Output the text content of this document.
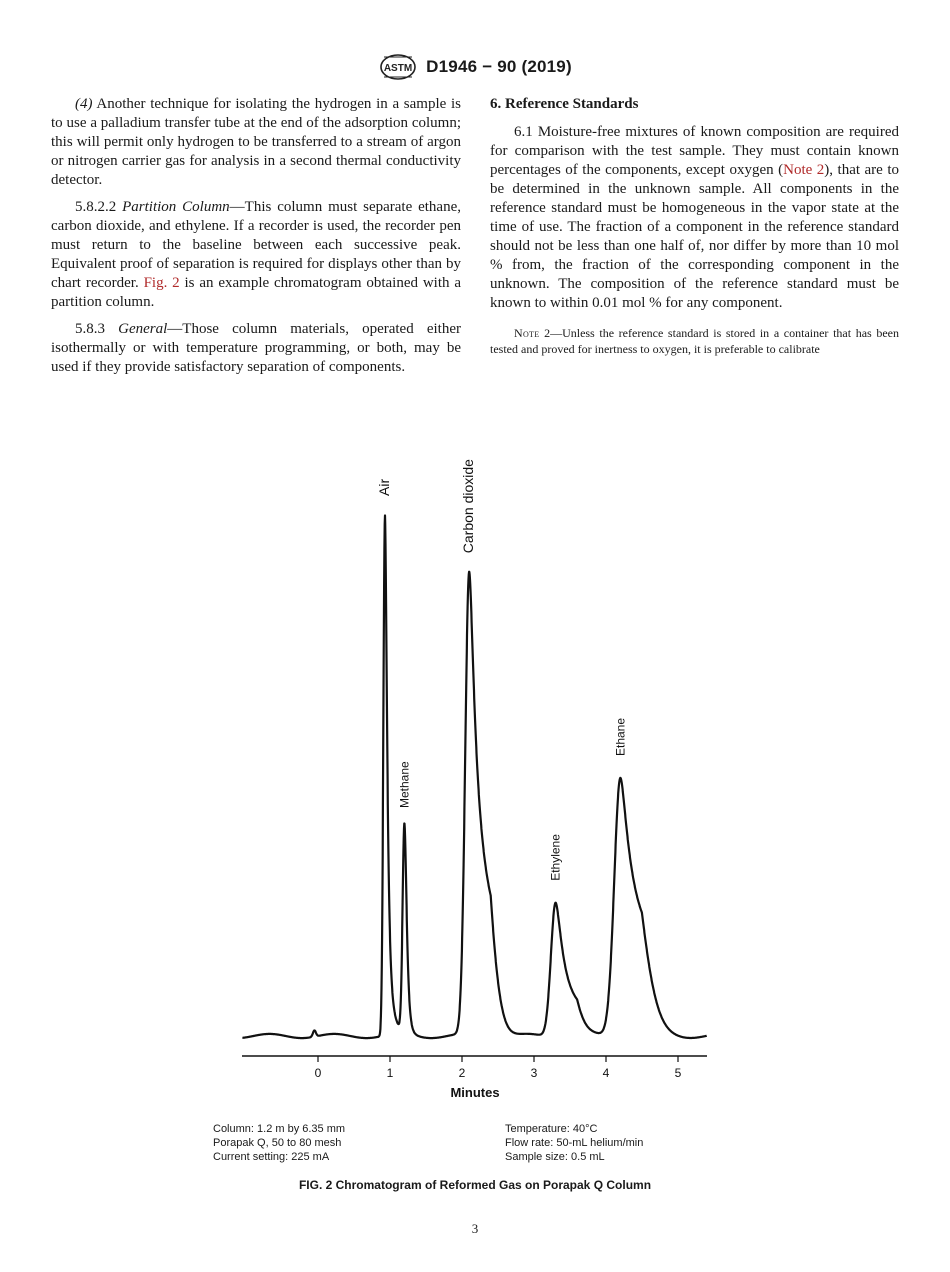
ASTM D1946 − 90 (2019)

(4) Another technique for isolating the hydrogen in a sample is to use a palladium transfer tube at the end of the adsorption column; this will permit only hydrogen to be transferred to a stream of argon or nitrogen carrier gas for analysis in a second thermal conductivity detector.

5.8.2.2 Partition Column—This column must separate ethane, carbon dioxide, and ethylene. If a recorder is used, the recorder pen must return to the baseline between each successive peak. Equivalent proof of separation is required for displays other than by chart recorder. Fig. 2 is an example chromatogram obtained with a partition column.

5.8.3 General—Those column materials, operated either isothermally or with temperature programming, or both, may be used if they provide satisfactory separation of components.

6. Reference Standards

6.1 Moisture-free mixtures of known composition are required for comparison with the test sample. They must contain known percentages of the components, except oxygen (Note 2), that are to be determined in the unknown sample. All components in the reference standard must be homogeneous in the vapor state at the time of use. The fraction of a component in the reference standard should not be less than one half of, nor differ by more than 10 mol % from, the fraction of the corresponding component in the unknown. The composition of the reference standard must be known to within 0.01 mol % for any component.

Note 2—Unless the reference standard is stored in a container that has been tested and proved for inertness to oxygen, it is preferable to calibrate

0	1	2	3	4	5
Air
Methane
Carbon dioxide
Ethylene
Ethane
Minutes
Column: 1.2 m by 6.35 mm
Porapak Q, 50 to 80 mesh
Current setting: 225 mA
Temperature: 40°C
Flow rate: 50-mL helium/min
Sample size: 0.5 mL
FIG. 2 Chromatogram of Reformed Gas on Porapak Q Column
3
